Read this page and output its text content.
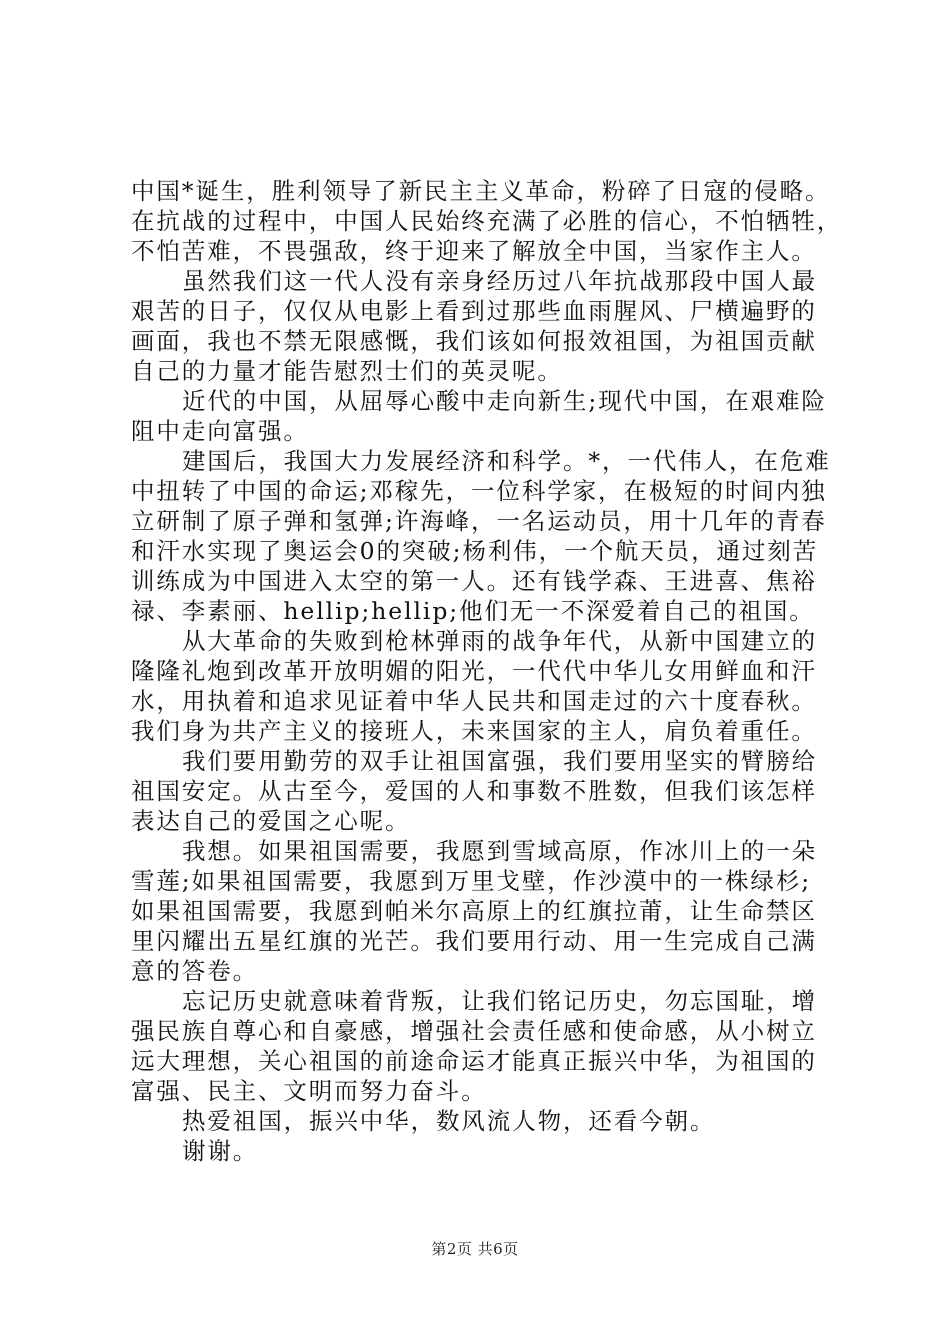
中国*诞生，胜利领导了新民主主义革命，粉碎了日寇的侵略。

在抗战的过程中，中国人民始终充满了必胜的信心，不怕牺牲，

不怕苦难，不畏强敌，终于迎来了解放全中国，当家作主人。

虽然我们这一代人没有亲身经历过八年抗战那段中国人最

艰苦的日子，仅仅从电影上看到过那些血雨腥风、尸横遍野的

画面，我也不禁无限感慨，我们该如何报效祖国，为祖国贡献

自己的力量才能告慰烈士们的英灵呢。

近代的中国，从屈辱心酸中走向新生;现代中国，在艰难险

阻中走向富强。

建国后，我国大力发展经济和科学。*，一代伟人，在危难

中扭转了中国的命运;邓稼先，一位科学家，在极短的时间内独

立研制了原子弹和氢弹;许海峰，一名运动员，用十几年的青春

和汗水实现了奥运会0的突破;杨利伟，一个航天员，通过刻苦

训练成为中国进入太空的第一人。还有钱学森、王进喜、焦裕

禄、李素丽、hellip;hellip;他们无一不深爱着自己的祖国。

从大革命的失败到枪林弹雨的战争年代，从新中国建立的

隆隆礼炮到改革开放明媚的阳光，一代代中华儿女用鲜血和汗

水，用执着和追求见证着中华人民共和国走过的六十度春秋。

我们身为共产主义的接班人，未来国家的主人，肩负着重任。

我们要用勤劳的双手让祖国富强，我们要用坚实的臂膀给

祖国安定。从古至今，爱国的人和事数不胜数，但我们该怎样

表达自己的爱国之心呢。

我想。如果祖国需要，我愿到雪域高原，作冰川上的一朵

雪莲;如果祖国需要，我愿到万里戈壁，作沙漠中的一株绿杉;

如果祖国需要，我愿到帕米尔高原上的红旗拉莆，让生命禁区

里闪耀出五星红旗的光芒。我们要用行动、用一生完成自己满

意的答卷。

忘记历史就意味着背叛，让我们铭记历史，勿忘国耻，增

强民族自尊心和自豪感，增强社会责任感和使命感，从小树立

远大理想，关心祖国的前途命运才能真正振兴中华，为祖国的

富强、民主、文明而努力奋斗。

热爱祖国，振兴中华，数风流人物，还看今朝。

谢谢。

第2页 共6页
